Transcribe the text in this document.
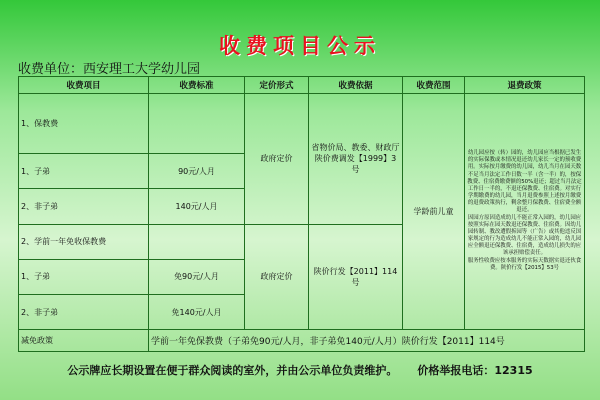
收费项目公示
收费单位：西安理工大学幼儿园
收费项目	收费标准	定价形式	收费依据	收费范围	退费政策
1、保教费		政府定价	省物价局、教委、财政厅陕价费调发【1999】3号	学龄前儿童	幼儿园应按（转）园的，幼儿园应当根据已发生的实际保教或本情况退还幼儿家长一定的预收费用。实际按月缴费的幼儿园，幼儿当月在园天数不足当月法定工作日数一半（含一半）的，按保教费、住宿费缴费额的50%退还；超过当月法定工作日一半的，不退还保教费、住宿费。对实行学期缴费的幼儿园，当月退费参照上述按月缴费的退费政策执行，剩余整月保教费、住宿费全额退还。

因园方原因造成幼儿不能正常入园的，幼儿园应按照实际在园天数退还保教费、住宿费。因幼儿园转制、教改遭假拆园等（广告）或其他违反国家规定的行为造成幼儿不能正常入园的，幼儿园应全额退还保教费、住宿费，造成幼儿损失的应该承担赔偿责任。

服务性收费应按本服务的实际天数据实退还伙食费。陕价行发【2015】53号

1、子弟	90元/人月				
2、非子弟	140元/人月				
2、学前一年免收保教费		政府定价	陕价行发【2011】114号		
1、子弟	免90元/人月				
2、非子弟	免140元/人月				
减免政策	学前一年免保教费（子弟免90元/人月，非子弟免140元/人月）陕价行发【2011】114号				
公示牌应长期设置在便于群众阅读的室外，并由公示单位负责维护。 价格举报电话：12315
